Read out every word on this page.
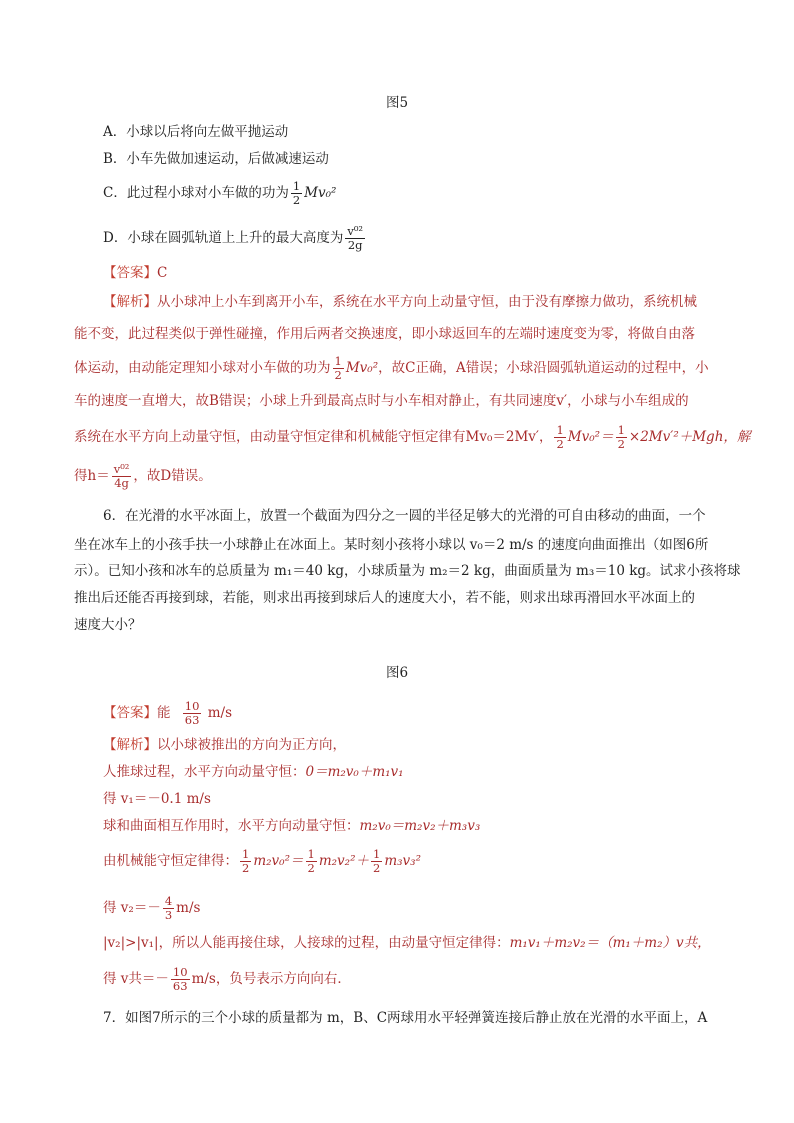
图5
A．小球以后将向左做平抛运动
B．小车先做加速运动，后做减速运动
C．此过程小球对小车做的功为 $\frac{1}{2} Mv_0^2$
D．小球在圆弧轨道上上升的最大高度为 $\frac{\text{v⁰²}}{2g}$
【答案】C
【解析】从小球冲上小车到离开小车，系统在水平方向上动量守恒，由于没有摩擦力做功，系统机械
能不变，此过程类似于弹性碰撞，作用后两者交换速度，即小球返回车的左端时速度变为零，将做自由落
体运动，由动能定理知小球对小车做的功为 $\frac{1}{2} Mv_0^2$，故C正确，A错误；小球沿圆弧轨道运动的过程中，小
车的速度一直增大，故B错误；小球上升到最高点时与小车相对静止，有共同速度v′，小球与小车组成的
系统在水平方向上动量守恒，由动量守恒定律和机械能守恒定律有Mv₀＝2Mv′， $\frac{1}{2} Mv_0^2= \frac{1}{2} \times 2Mv'^2+Mgh$，解
得$h= \frac{\text{v⁰²}}{4g}$ ，故D错误。
6．在光滑的水平冰面上，放置一个截面为四分之一圆的半径足够大的光滑的可自由移动的曲面，一个
坐在冰车上的小孩手扶一小球静止在冰面上。某时刻小孩将小球以 v₀＝2 m/s 的速度向曲面推出（如图6所
示）。已知小孩和冰车的总质量为 m₁＝40 kg，小球质量为 m₂＝2 kg，曲面质量为 m₃＝10 kg。试求小孩将球
推出后还能否再接到球，若能，则求出再接到球后人的速度大小，若不能，则求出球再滑回水平冰面上的
速度大小？
图6
【答案】能 $\frac{10}{63} m/s$
【解析】以小球被推出的方向为正方向，
人推球过程，水平方向动量守恒：0＝m₂v₀＋m₁v₁
得 v₁＝－0.1 m/s
球和曲面相互作用时，水平方向动量守恒：m₂v₀＝m₂v₂＋m₃v₃
由机械能守恒定律得： $\frac{1}{2} m_2v_0^2= \frac{1}{2} m_2v_2^2+ \frac{1}{2} m_3v_3^2$
得 $v_2=- \frac{4}{3} m/s$
|v₂|>|v₁|，所以人能再接住球，人接球的过程，由动量守恒定律得：m₁v₁＋m₂v₂＝（m₁＋m₂）v共，
得 v共＝－ $\frac{10}{63} m/s$，负号表示方向向右．
7．如图7所示的三个小球的质量都为 m，B、C两球用水平轻弹簧连接后静止放在光滑的水平面上，A
